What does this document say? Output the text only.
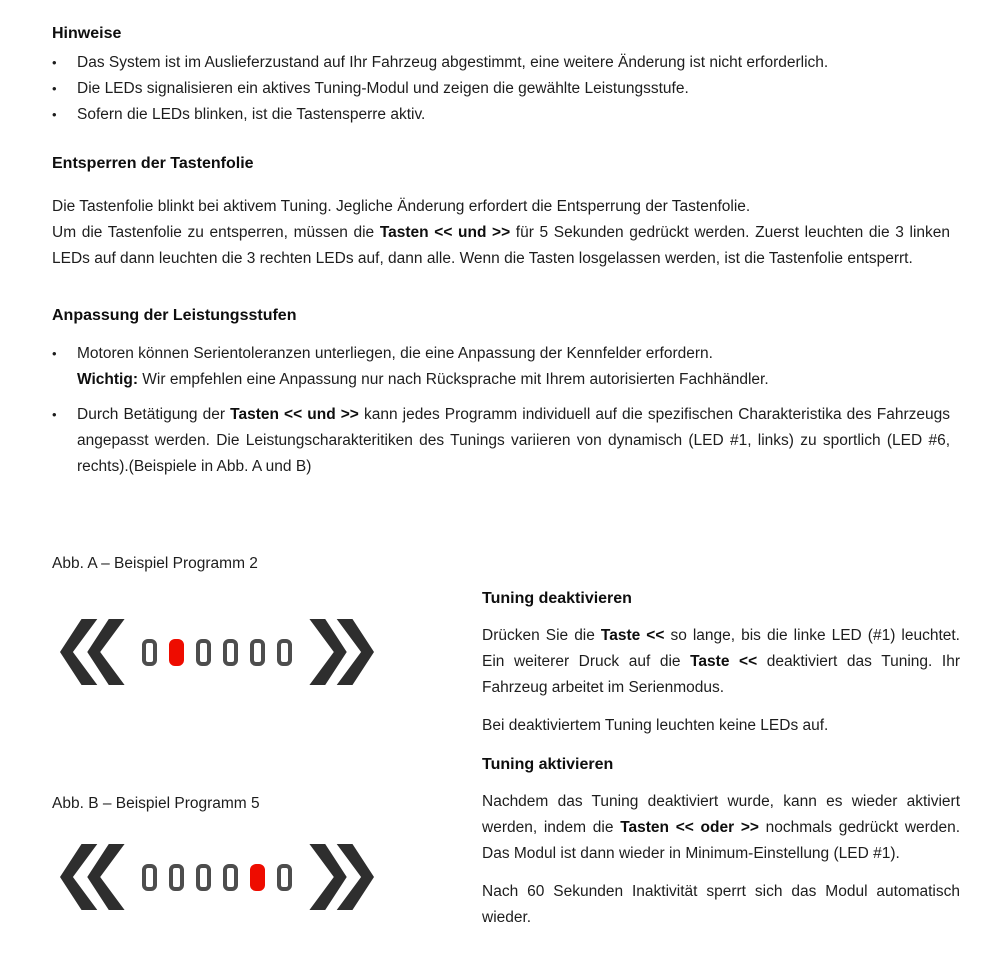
Hinweise
•	Das System ist im Auslieferzustand auf Ihr Fahrzeug abgestimmt, eine weitere Änderung ist nicht erforderlich.
•	Die LEDs signalisieren ein aktives Tuning-Modul und zeigen die gewählte Leistungsstufe.
•	Sofern die LEDs blinken, ist die Tastensperre aktiv.
Entsperren der Tastenfolie

Die Tastenfolie blinkt bei aktivem Tuning. Jegliche Änderung erfordert die Entsperrung der Tastenfolie.

Um die Tastenfolie zu entsperren, müssen die Tasten << und >> für 5 Sekunden gedrückt werden. Zuerst leuchten die 3 linken LEDs auf dann leuchten die 3 rechten LEDs auf, dann alle. Wenn die Tasten losgelassen werden, ist die Tastenfolie entsperrt.

Anpassung der Leistungsstufen
•	Motoren können Serientoleranzen unterliegen, die eine Anpassung der Kennfelder erfordern.
Wichtig: Wir empfehlen eine Anpassung nur nach Rücksprache mit Ihrem autorisierten Fachhändler.
•	Durch Betätigung der Tasten << und >> kann jedes Programm individuell auf die spezifischen Charakteristika des Fahrzeugs angepasst werden. Die Leistungscharakteritiken des Tunings variieren von dynamisch (LED #1, links) zu sportlich (LED #6, rechts).(Beispiele in Abb. A und B)
Abb. A – Beispiel Programm 2
Abb. B – Beispiel Programm 5
Tuning deaktivieren

Drücken Sie die Taste << so lange, bis die linke LED (#1) leuchtet. Ein weiterer Druck auf die Taste << deaktiviert das Tuning. Ihr Fahrzeug arbeitet im Serienmodus.

Bei deaktiviertem Tuning leuchten keine LEDs auf.

Tuning aktivieren

Nachdem das Tuning deaktiviert wurde, kann es wieder aktiviert werden, indem die Tasten << oder >> nochmals gedrückt werden. Das Modul ist dann wieder in Minimum-Einstellung (LED #1).

Nach 60 Sekunden Inaktivität sperrt sich das Modul automatisch wieder.
